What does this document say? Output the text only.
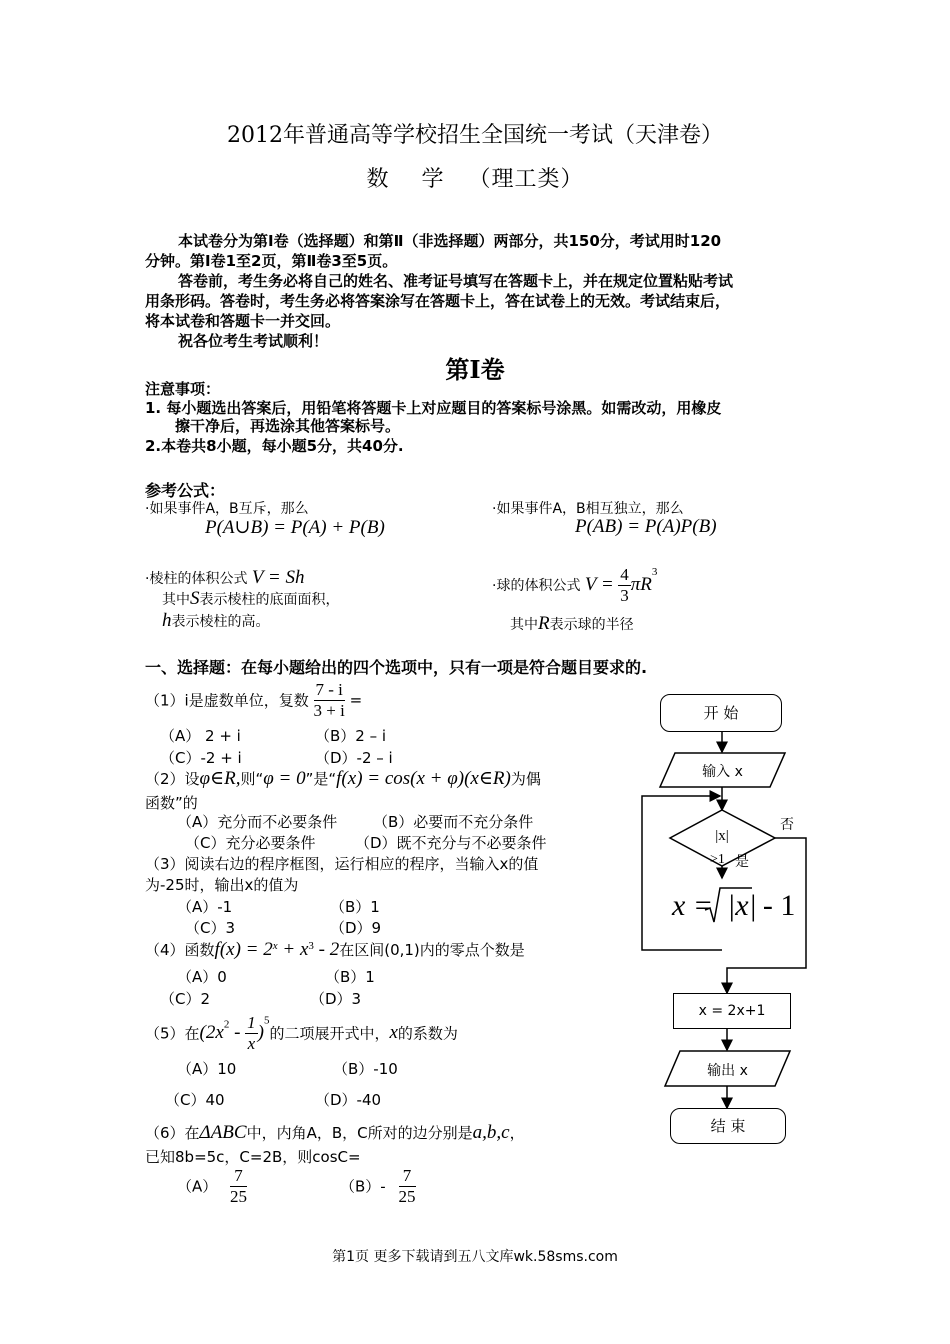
2012年普通高等学校招生全国统一考试（天津卷）
数    学   （理工类）
本试卷分为第Ⅰ卷（选择题）和第Ⅱ（非选择题）两部分，共150分，考试用时120
分钟。第Ⅰ卷1至2页，第Ⅱ卷3至5页。
答卷前，考生务必将自己的姓名、准考证号填写在答题卡上，并在规定位置粘贴考试
用条形码。答卷时，考生务必将答案涂写在答题卡上，答在试卷上的无效。考试结束后，
将本试卷和答题卡一并交回。
祝各位考生考试顺利！
第Ⅰ卷
注意事项：
1. 每小题选出答案后，用铅笔将答题卡上对应题目的答案标号涂黑。如需改动，用橡皮
擦干净后，再选涂其他答案标号。
2.本卷共8小题，每小题5分，共40分.
参考公式：
·如果事件A，B互斥，那么
P(A∪B) = P(A) + P(B)
·如果事件A，B相互独立，那么
P(AB) = P(A)P(B)
·棱柱的体积公式 V = Sh
其中S表示棱柱的底面面积，
h表示棱柱的高。
·球的体积公式 $V = \frac{4}{3} \pi R^3$
其中R表示球的半径
一、选择题：在每小题给出的四个选项中，只有一项是符合题目要求的.
（1）i是虚数单位，复数 $\frac{7 - i}{3 + i}$ =
（A） 2 + i	（B）2 – i
（C）-2 + i	（D）-2 – i
（2）设φ∈R,则“φ = 0”是“f(x) = cos(x + φ)(x∈R)为偶
函数”的
（A）充分而不必要条件 （B）必要而不充分条件
（C）充分必要条件	（D）既不充分与不必要条件
（3）阅读右边的程序框图，运行相应的程序，当输入x的值
为-25时，输出x的值为
（A）-1	（B）1
（C）3	（D）9
（4）函数$f(x) = 2^x + x^3 - 2$在区间(0,1)内的零点个数是
（A）0	（B）1
（C）2	（D）3
（5）在$(2x^2 - \frac{1}{x} )^5$的二项展开式中，x的系数为
（A）10	（B）-10
（C）40	（D）-40
（6）在ΔABC中，内角A，B，C所对的边分别是a,b,c，
已知8b=5c，C=2B，则cosC=
$(A) \frac{7}{25}$	$(B)- \frac{7}{25}$
开 始
输入 x
|x|
>1 是
否
x = |x| - 1
x = 2x+1
输出 x
结 束
第1页 更多下载请到五八文库wk.58sms.com
